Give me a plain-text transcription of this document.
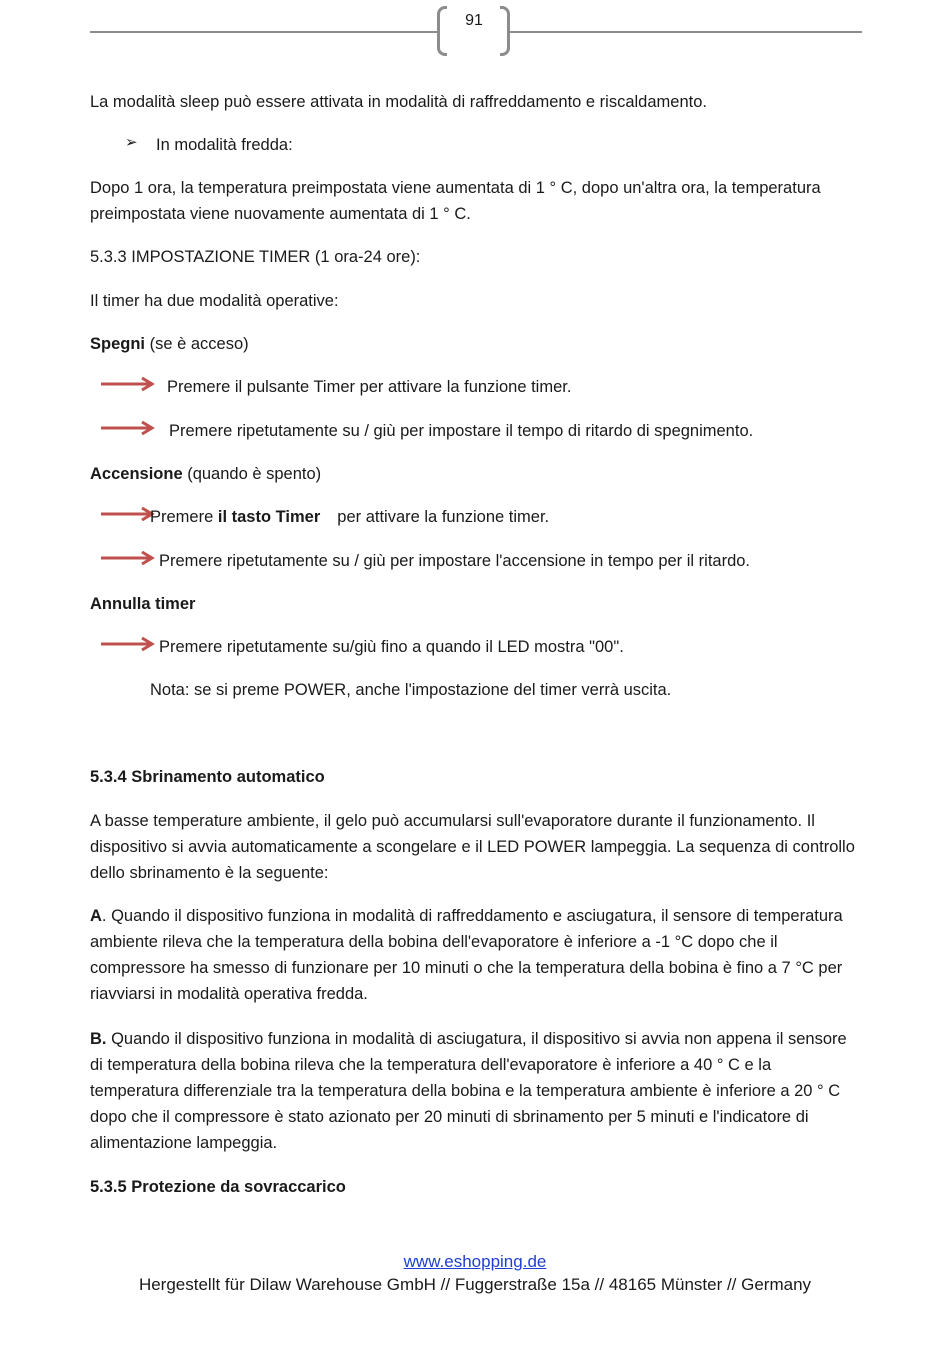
91

La modalità sleep può essere attivata in modalità di raffreddamento e riscaldamento.

➢ In modalità fredda:

Dopo 1 ora, la temperatura preimpostata viene aumentata di 1 ° C, dopo un'altra ora, la temperatura preimpostata viene nuovamente aumentata di 1 ° C.

5.3.3 IMPOSTAZIONE TIMER (1 ora-24 ore):

Il timer ha due modalità operative:

Spegni (se è acceso)

Premere il pulsante Timer per attivare la funzione timer.

Premere ripetutamente su / giù per impostare il tempo di ritardo di spegnimento.

Accensione (quando è spento)

Premere il tasto Timer per attivare la funzione timer.

Premere ripetutamente su / giù per impostare l'accensione in tempo per il ritardo.

Annulla timer

Premere ripetutamente su/giù fino a quando il LED mostra "00".

Nota: se si preme POWER, anche l'impostazione del timer verrà uscita.

5.3.4 Sbrinamento automatico

A basse temperature ambiente, il gelo può accumularsi sull'evaporatore durante il funzionamento. Il dispositivo si avvia automaticamente a scongelare e il LED POWER lampeggia. La sequenza di controllo dello sbrinamento è la seguente:

A. Quando il dispositivo funziona in modalità di raffreddamento e asciugatura, il sensore di temperatura ambiente rileva che la temperatura della bobina dell'evaporatore è inferiore a -1 °C dopo che il compressore ha smesso di funzionare per 10 minuti o che la temperatura della bobina è fino a 7 °C per riavviarsi in modalità operativa fredda.

B. Quando il dispositivo funziona in modalità di asciugatura, il dispositivo si avvia non appena il sensore di temperatura della bobina rileva che la temperatura dell'evaporatore è inferiore a 40 ° C e la temperatura differenziale tra la temperatura della bobina e la temperatura ambiente è inferiore a 20 ° C dopo che il compressore è stato azionato per 20 minuti di sbrinamento per 5 minuti e l'indicatore di alimentazione lampeggia.

5.3.5 Protezione da sovraccarico

www.eshopping.de
Hergestellt für Dilaw Warehouse GmbH // Fuggerstraße 15a // 48165 Münster // Germany
